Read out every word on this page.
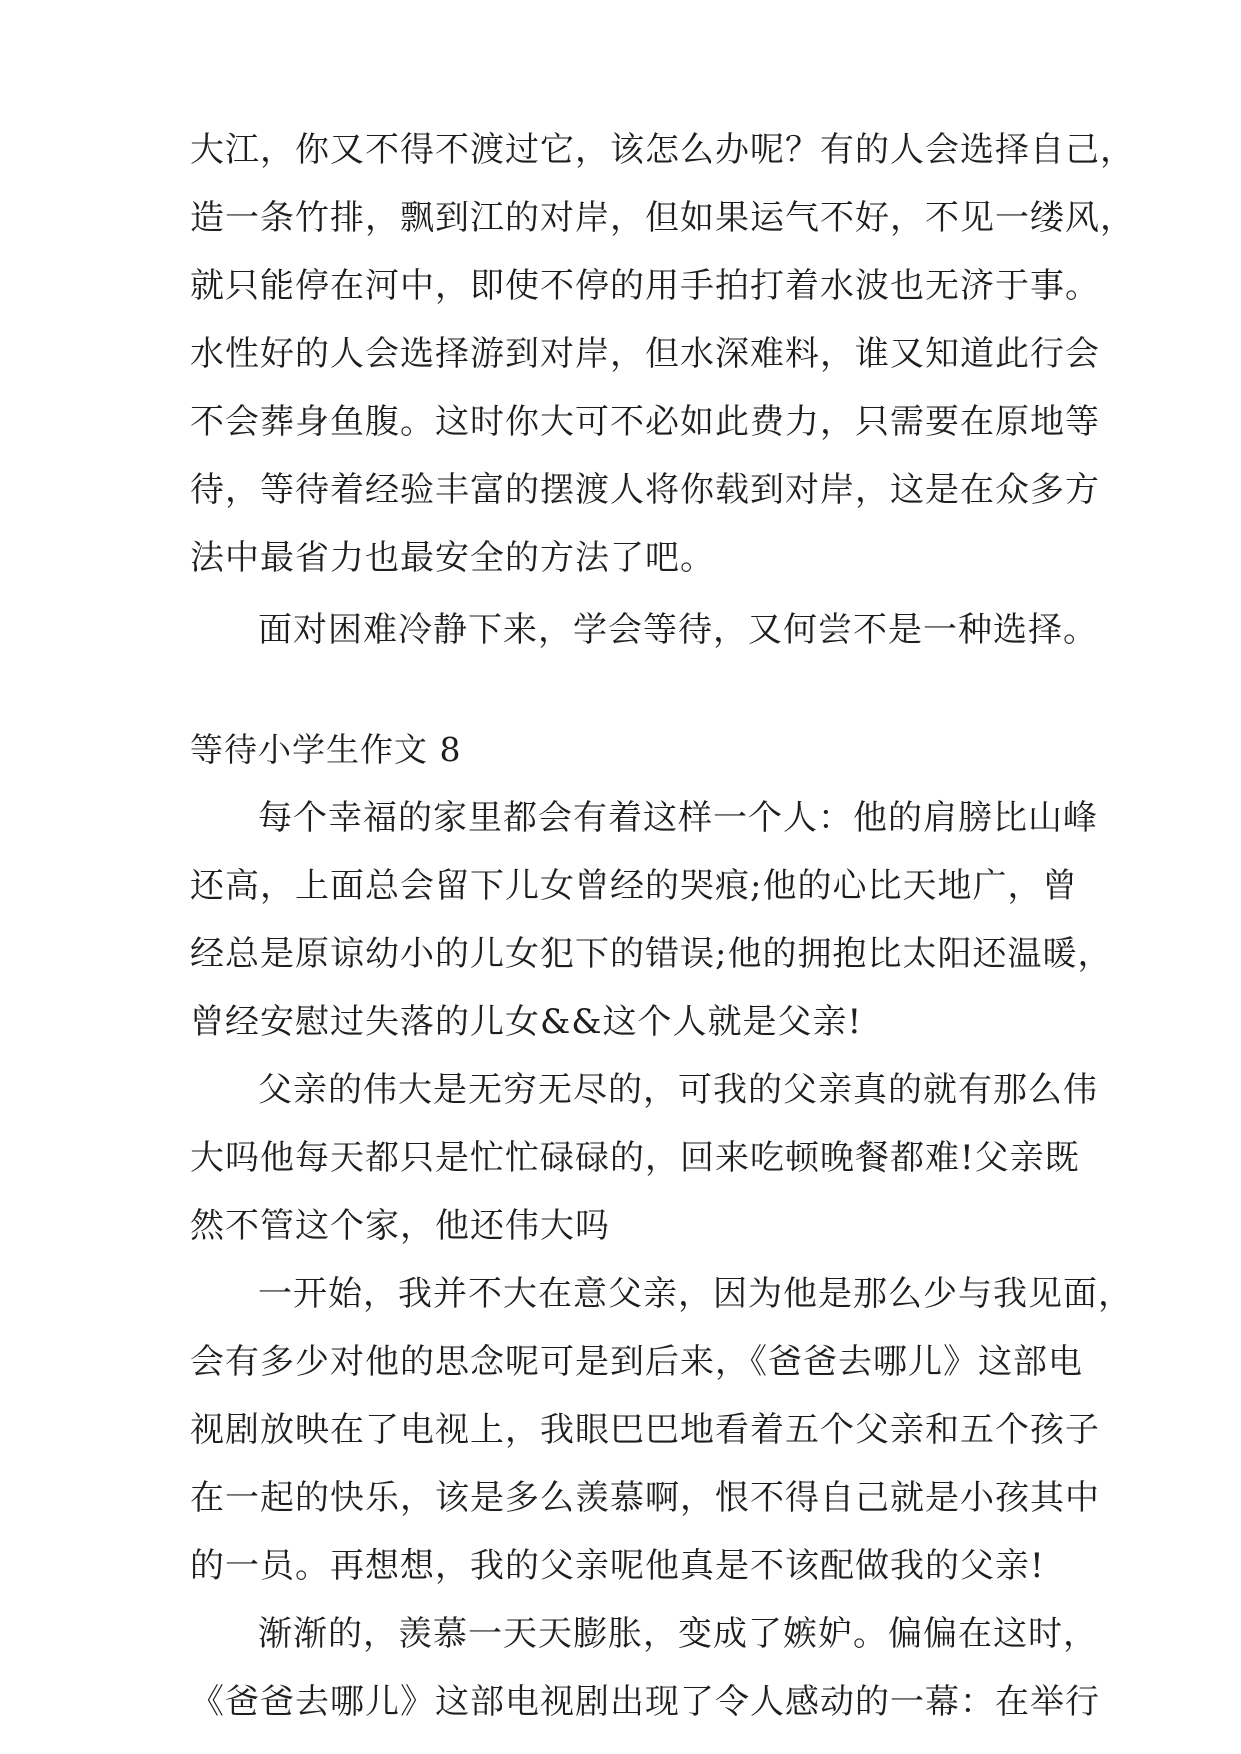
大江，你又不得不渡过它，该怎么办呢？有的人会选择自己，
造一条竹排，飘到江的对岸，但如果运气不好，不见一缕风，
就只能停在河中，即使不停的用手拍打着水波也无济于事。
水性好的人会选择游到对岸，但水深难料，谁又知道此行会
不会葬身鱼腹。这时你大可不必如此费力，只需要在原地等
待，等待着经验丰富的摆渡人将你载到对岸，这是在众多方
法中最省力也最安全的方法了吧。
面对困难冷静下来，学会等待，又何尝不是一种选择。
等待小学生作文 8
每个幸福的家里都会有着这样一个人：他的肩膀比山峰
还高，上面总会留下儿女曾经的哭痕;他的心比天地广，曾
经总是原谅幼小的儿女犯下的错误;他的拥抱比太阳还温暖，
曾经安慰过失落的儿女&&这个人就是父亲!
父亲的伟大是无穷无尽的，可我的父亲真的就有那么伟
大吗他每天都只是忙忙碌碌的，回来吃顿晚餐都难!父亲既
然不管这个家，他还伟大吗
一开始，我并不大在意父亲，因为他是那么少与我见面，
会有多少对他的思念呢可是到后来，《爸爸去哪儿》这部电
视剧放映在了电视上，我眼巴巴地看着五个父亲和五个孩子
在一起的快乐，该是多么羡慕啊，恨不得自己就是小孩其中
的一员。再想想，我的父亲呢他真是不该配做我的父亲!
渐渐的，羡慕一天天膨胀，变成了嫉妒。偏偏在这时，
《爸爸去哪儿》这部电视剧出现了令人感动的一幕：在举行
